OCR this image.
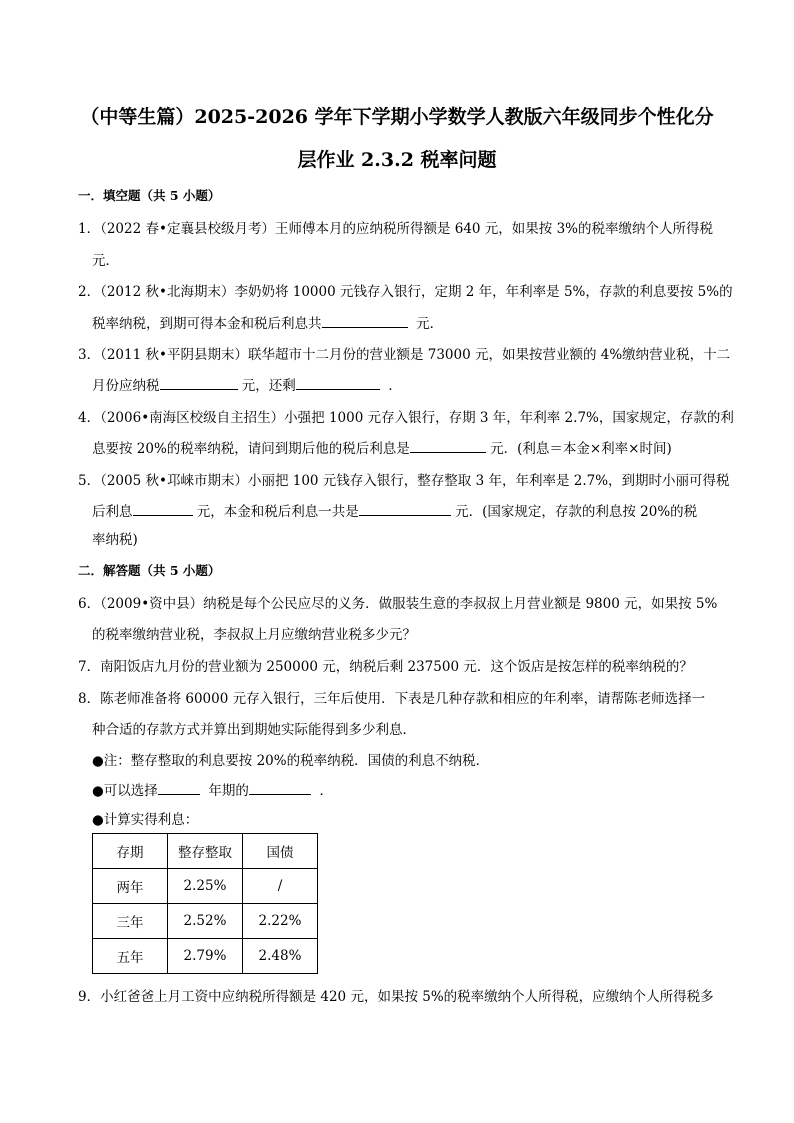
（中等生篇）2025-2026 学年下学期小学数学人教版六年级同步个性化分
层作业 2.3.2 税率问题
一．填空题（共 5 小题）
1．（2022 春•定襄县校级月考）王师傅本月的应纳税所得额是 640 元，如果按 3%的税率缴纳个人所得税
元．
2．（2012 秋•北海期末）李奶奶将 10000 元钱存入银行，定期 2 年，年利率是 5%，存款的利息要按 5%的
税率纳税，到期可得本金和税后利息共	元．
3．（2011 秋•平阴县期末）联华超市十二月份的营业额是 73000 元，如果按营业额的 4%缴纳营业税，十二
月份应纳税	元，还剩	．
4．（2006•南海区校级自主招生）小强把 1000 元存入银行，存期 3 年，年利率 2.7%，国家规定，存款的利
息要按 20%的税率纳税，请问到期后他的税后利息是	元．(利息＝本金×利率×时间)
5．（2005 秋•邛崃市期末）小丽把 100 元钱存入银行，整存整取 3 年，年利率是 2.7%，到期时小丽可得税
后利息	元，本金和税后利息一共是	元．(国家规定，存款的利息按 20%的税
率纳税)
二．解答题（共 5 小题）
6．（2009•资中县）纳税是每个公民应尽的义务．做服装生意的李叔叔上月营业额是 9800 元，如果按 5%
的税率缴纳营业税，李叔叔上月应缴纳营业税多少元？
7．南阳饭店九月份的营业额为 250000 元，纳税后剩 237500 元．这个饭店是按怎样的税率纳税的？
8．陈老师准备将 60000 元存入银行，三年后使用．下表是几种存款和相应的年利率，请帮陈老师选择一
种合适的存款方式并算出到期她实际能得到多少利息．
●注：整存整取的利息要按 20%的税率纳税．国债的利息不纳税．
●可以选择	年期的	．
●计算实得利息：
存期	整存整取	国债
两年	2.25%	/
三年	2.52%	2.22%
五年	2.79%	2.48%
9．小红爸爸上月工资中应纳税所得额是 420 元，如果按 5%的税率缴纳个人所得税，应缴纳个人所得税多
